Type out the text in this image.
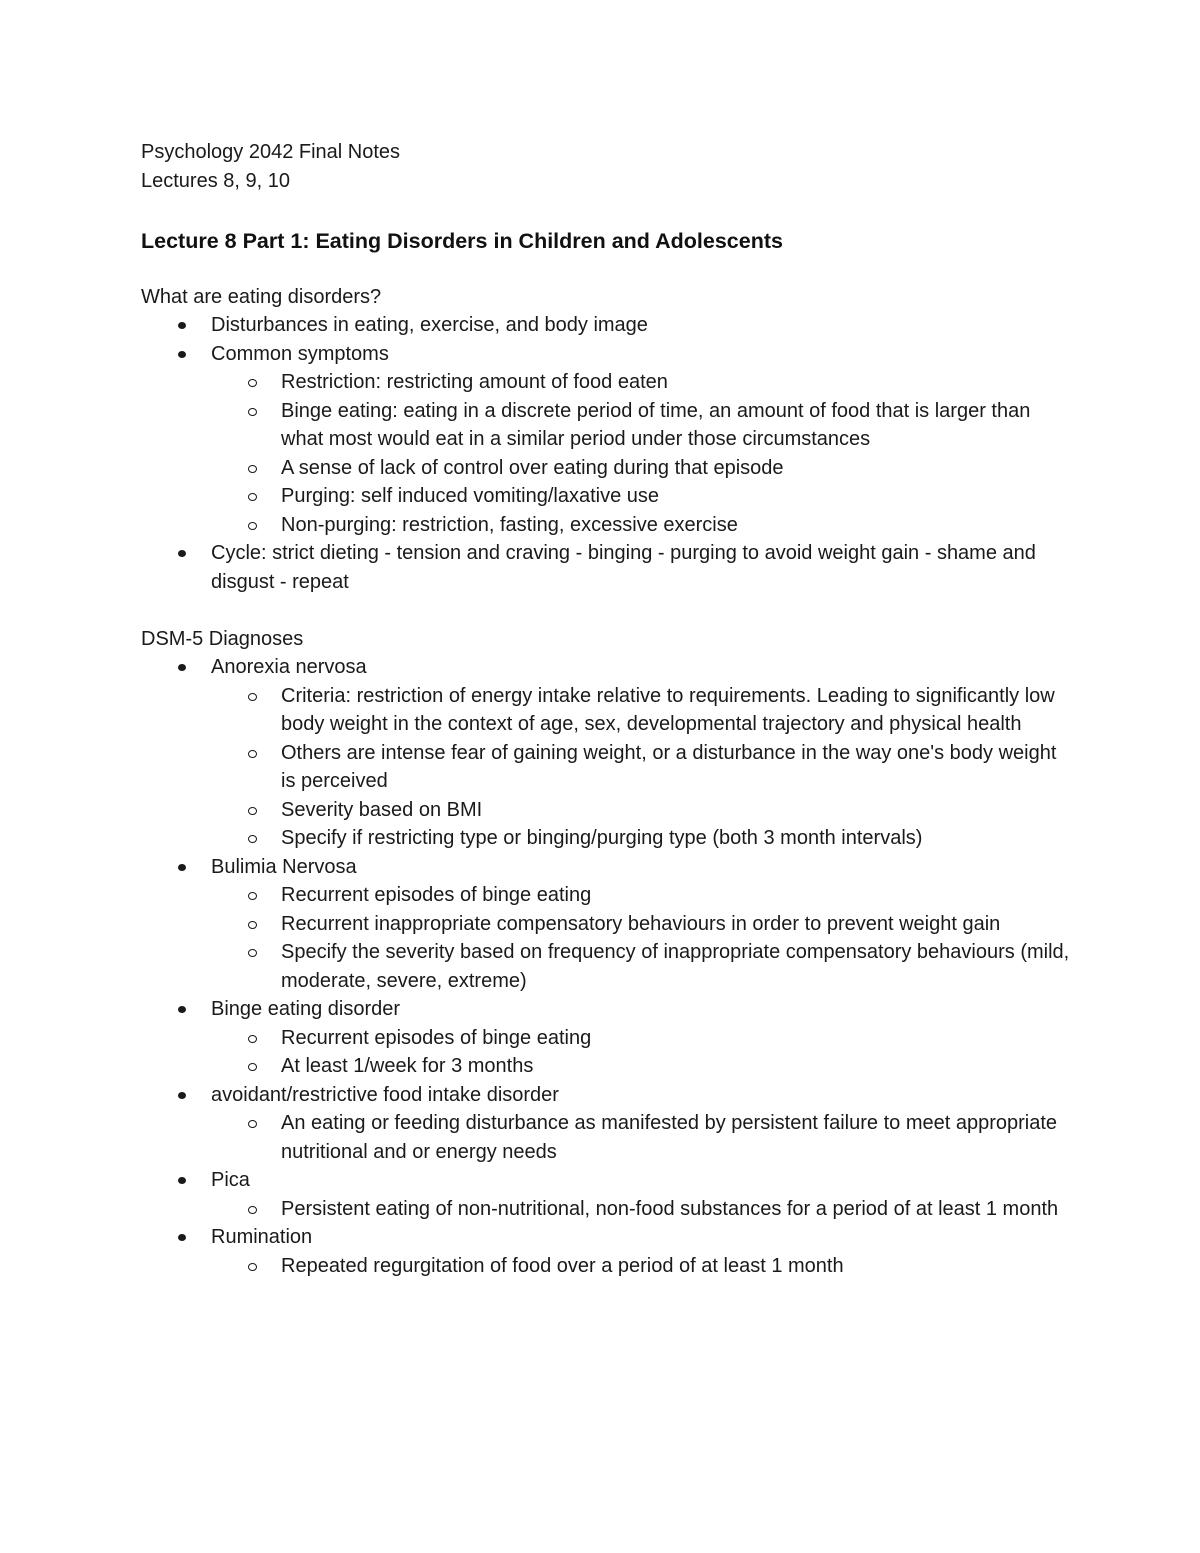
Psychology 2042 Final Notes

Lectures 8, 9, 10

Lecture 8 Part 1: Eating Disorders in Children and Adolescents

What are eating disorders?

Disturbances in eating, exercise, and body image
Common symptoms
Restriction: restricting amount of food eaten
Binge eating: eating in a discrete period of time, an amount of food that is larger than what most would eat in a similar period under those circumstances
A sense of lack of control over eating during that episode
Purging: self induced vomiting/laxative use
Non-purging: restriction, fasting, excessive exercise
Cycle: strict dieting - tension and craving - binging - purging to avoid weight gain - shame and disgust - repeat

DSM-5 Diagnoses

Anorexia nervosa
Criteria: restriction of energy intake relative to requirements. Leading to significantly low body weight in the context of age, sex, developmental trajectory and physical health
Others are intense fear of gaining weight, or a disturbance in the way one's body weight is perceived
Severity based on BMI
Specify if restricting type or binging/purging type (both 3 month intervals)
Bulimia Nervosa
Recurrent episodes of binge eating
Recurrent inappropriate compensatory behaviours in order to prevent weight gain
Specify the severity based on frequency of inappropriate compensatory behaviours (mild, moderate, severe, extreme)
Binge eating disorder
Recurrent episodes of binge eating
At least 1/week for 3 months
avoidant/restrictive food intake disorder
An eating or feeding disturbance as manifested by persistent failure to meet appropriate nutritional and or energy needs
Pica
Persistent eating of non-nutritional, non-food substances for a period of at least 1 month
Rumination
Repeated regurgitation of food over a period of at least 1 month
